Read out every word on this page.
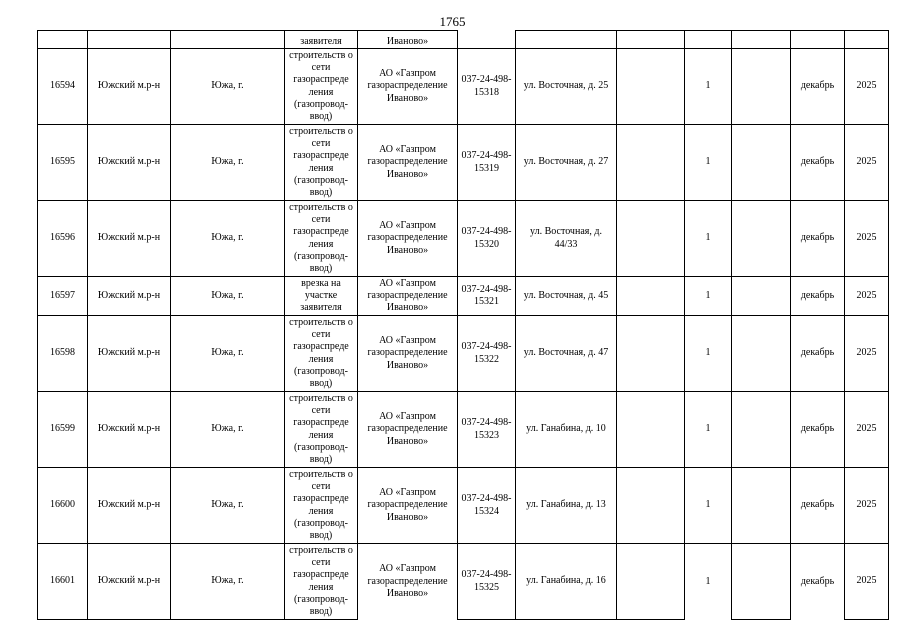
1765
			заявителя	Иваново»							
16594	Южский м.р-н	Южа, г.	строительств о сети газораспреде ления (газопровод-ввод)	АО «Газпром газораспределение Иваново»	037-24-498-15318	ул. Восточная, д. 25		1		декабрь	2025
16595	Южский м.р-н	Южа, г.	строительств о сети газораспреде ления (газопровод-ввод)	АО «Газпром газораспределение Иваново»	037-24-498-15319	ул. Восточная, д. 27		1		декабрь	2025
16596	Южский м.р-н	Южа, г.	строительств о сети газораспреде ления (газопровод-ввод)	АО «Газпром газораспределение Иваново»	037-24-498-15320	ул. Восточная, д. 44/33		1		декабрь	2025
16597	Южский м.р-н	Южа, г.	врезка на участке заявителя	АО «Газпром газораспределение Иваново»	037-24-498-15321	ул. Восточная, д. 45		1		декабрь	2025
16598	Южский м.р-н	Южа, г.	строительств о сети газораспреде ления (газопровод-ввод)	АО «Газпром газораспределение Иваново»	037-24-498-15322	ул. Восточная, д. 47		1		декабрь	2025
16599	Южский м.р-н	Южа, г.	строительств о сети газораспреде ления (газопровод-ввод)	АО «Газпром газораспределение Иваново»	037-24-498-15323	ул. Ганабина, д. 10		1		декабрь	2025
16600	Южский м.р-н	Южа, г.	строительств о сети газораспреде ления (газопровод-ввод)	АО «Газпром газораспределение Иваново»	037-24-498-15324	ул. Ганабина, д. 13		1		декабрь	2025
16601	Южский м.р-н	Южа, г.	строительств о сети газораспреде ления (газопровод-ввод)	АО «Газпром газораспределение Иваново»	037-24-498-15325	ул. Ганабина, д. 16		1		декабрь	2025
